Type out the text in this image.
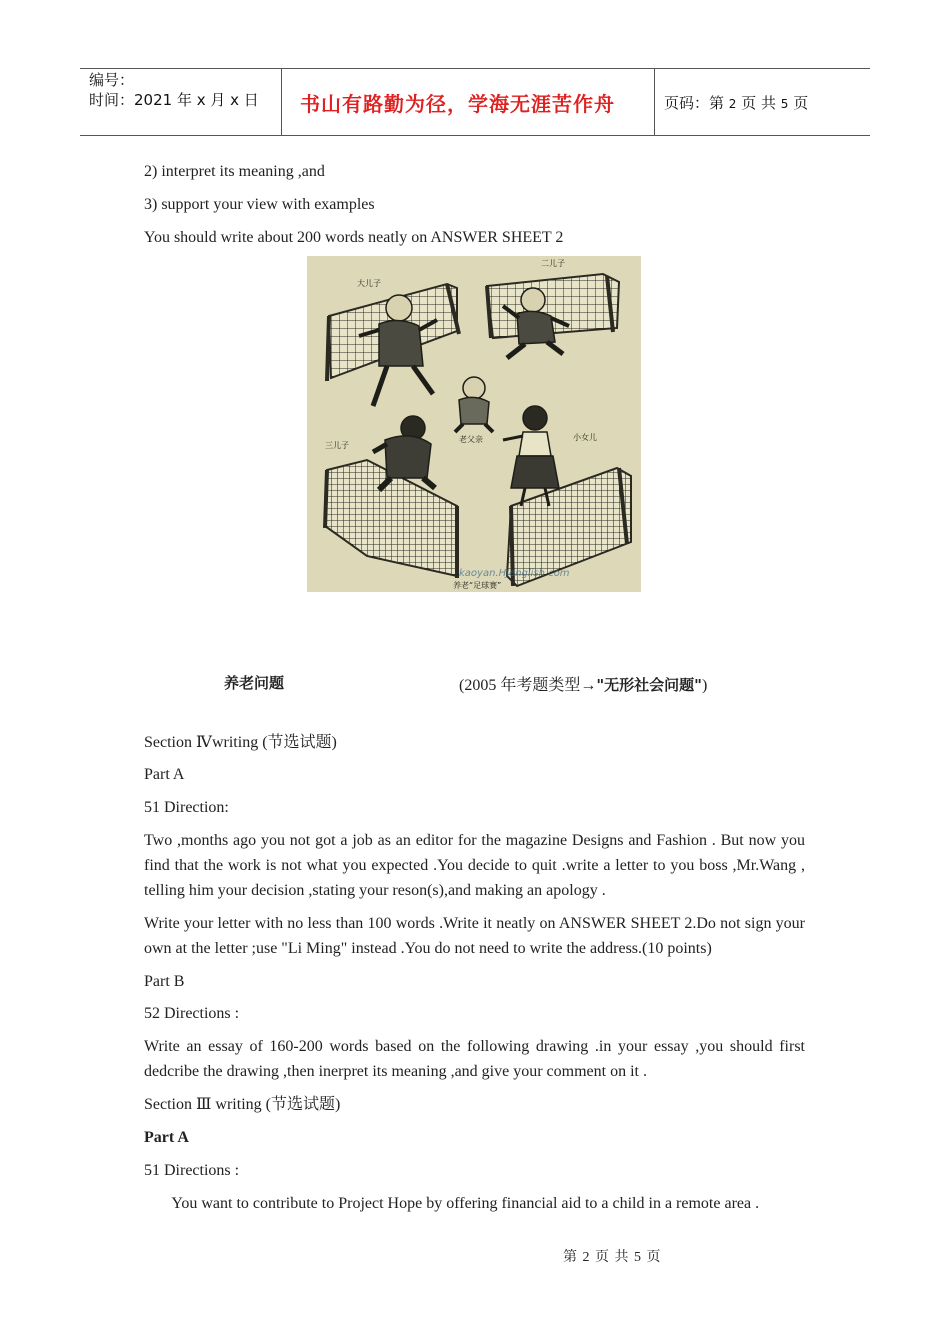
编号：
时间：2021 年 x 月 x 日 书山有路勤为径，学海无涯苦作舟	页码：第 2 页 共 5 页
2) interpret its meaning ,and
3) support your view with examples
You should write about 200 words neatly on ANSWER SHEET 2
大儿子
二儿子
三儿子
老父亲	小女儿
kaoyan.HJenglish.com
养老“足球赛”
养老问题	(2005 年考题类型→"无形社会问题")
Section Ⅳwriting (节选试题)
Part A
51 Direction:
Two ,months ago you not got a job as an editor for the magazine Designs and Fashion . But now you find that the work is not what you expected .You decide to quit .write a letter to you boss ,Mr.Wang , telling him your decision ,stating your reson(s),and making an apology .
Write your letter with no less than 100 words .Write it neatly on ANSWER SHEET 2.Do not sign your own at the letter ;use "Li Ming" instead .You do not need to write the address.(10 points)
Part B
52 Directions :
Write an essay of 160-200 words based on the following drawing .in your essay ,you should first dedcribe the drawing ,then inerpret its meaning ,and give your comment on it .
Section Ⅲ writing (节选试题)
Part A
51 Directions :
You want to contribute to Project Hope by offering financial aid to a child in a remote area .
第 2 页 共 5 页
